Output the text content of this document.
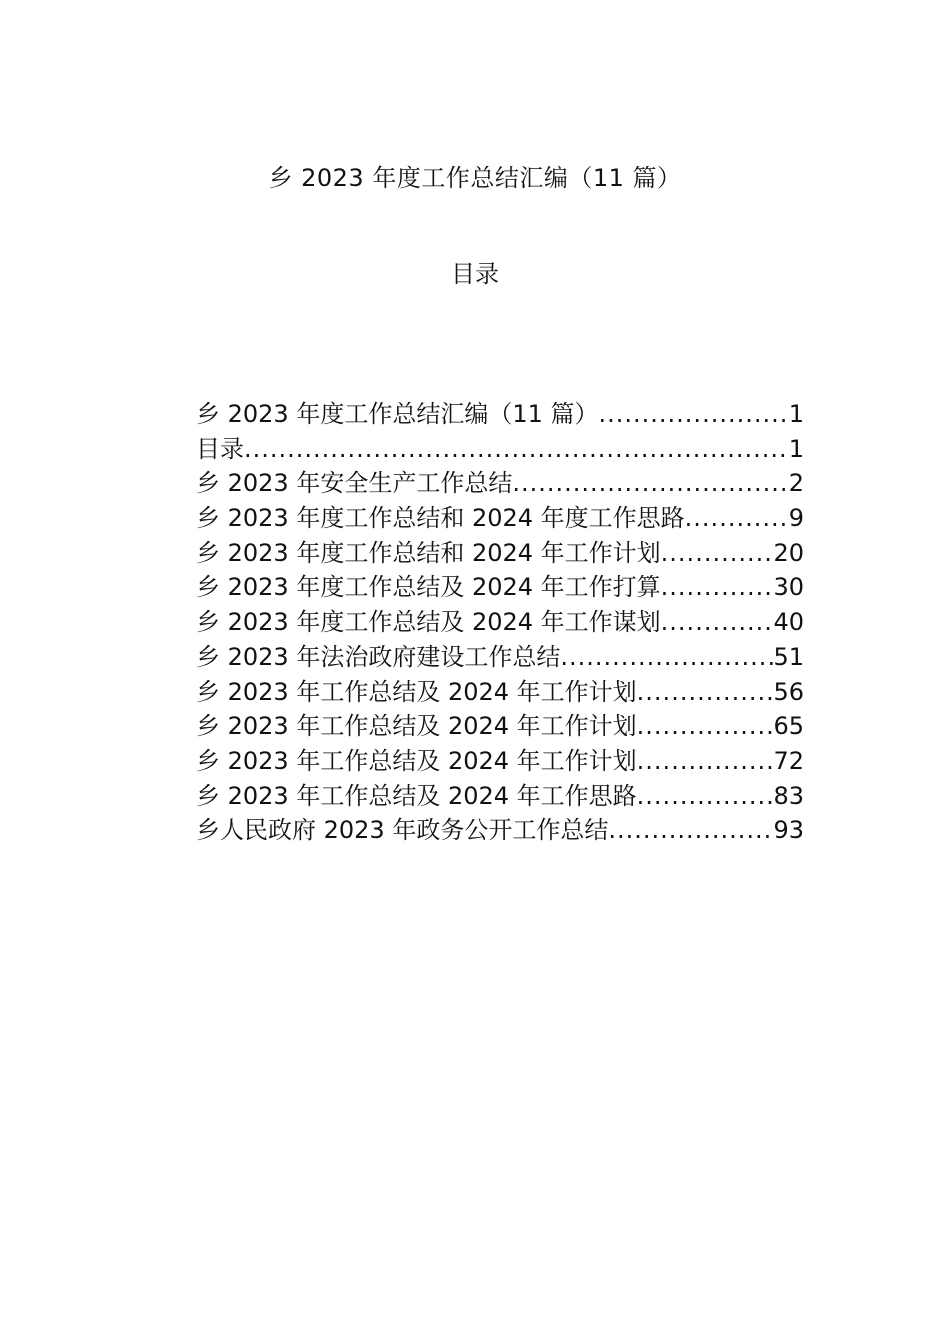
乡 2023 年度工作总结汇编（11 篇）
目录
乡 2023 年度工作总结汇编（11 篇） .....	1
目录 .....	1
乡 2023 年安全生产工作总结 .....	2
乡 2023 年度工作总结和 2024 年度工作思路 .....	9
乡 2023 年度工作总结和 2024 年工作计划 .....	20
乡 2023 年度工作总结及 2024 年工作打算 .....	30
乡 2023 年度工作总结及 2024 年工作谋划 .....	40
乡 2023 年法治政府建设工作总结 .....	51
乡 2023 年工作总结及 2024 年工作计划 .....	56
乡 2023 年工作总结及 2024 年工作计划 .....	65
乡 2023 年工作总结及 2024 年工作计划 .....	72
乡 2023 年工作总结及 2024 年工作思路 .....	83
乡人民政府 2023 年政务公开工作总结 .....	93
